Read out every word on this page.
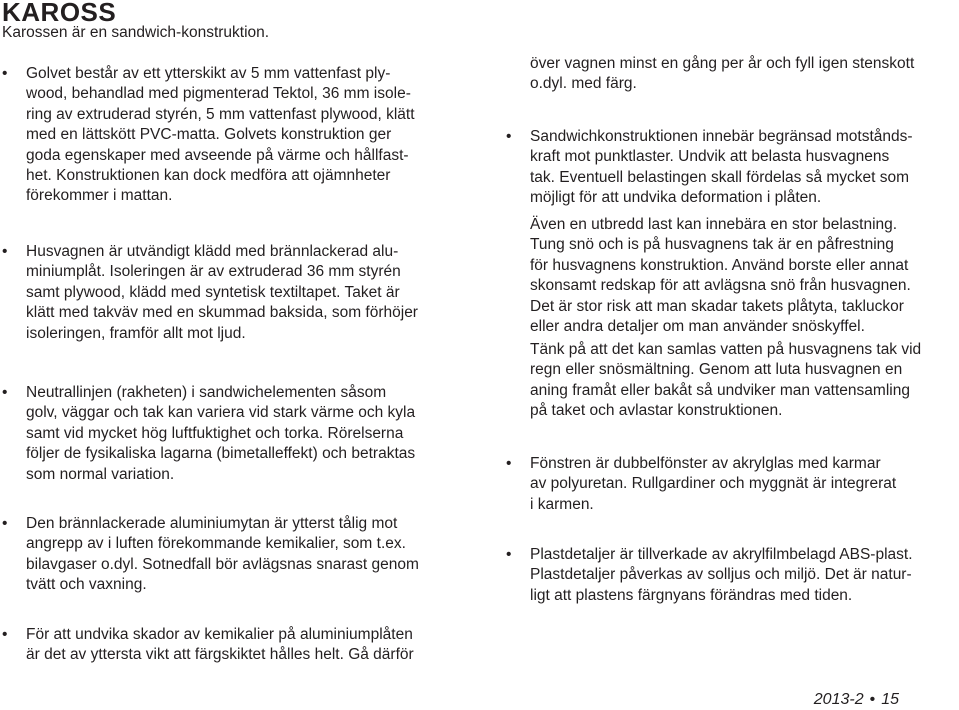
KAROSS

Karossen är en sandwich-konstruktion.

• Golvet består av ett ytterskikt av 5 mm vattenfast ply-
wood, behandlad med pigmenterad Tektol, 36 mm isole-
ring av extruderad styrén, 5 mm vattenfast plywood, klätt
med en lättskött PVC-matta. Golvets konstruktion ger
goda egenskaper med avseende på värme och hållfast-
het. Konstruktionen kan dock medföra att ojämnheter
förekommer i mattan.
• Husvagnen är utvändigt klädd med brännlackerad alu-
miniumplåt. Isoleringen är av extruderad 36 mm styrén
samt plywood, klädd med syntetisk textiltapet. Taket är
klätt med takväv med en skummad baksida, som förhöjer
isoleringen, framför allt mot ljud.
• Neutrallinjen (rakheten) i sandwichelementen såsom
golv, väggar och tak kan variera vid stark värme och kyla
samt vid mycket hög luftfuktighet och torka. Rörelserna
följer de fysikaliska lagarna (bimetalleffekt) och betraktas
som normal variation.
• Den brännlackerade aluminiumytan är ytterst tålig mot
angrepp av i luften förekommande kemikalier, som t.ex.
bilavgaser o.dyl. Sotnedfall bör avlägsnas snarast genom
tvätt och vaxning.
• För att undvika skador av kemikalier på aluminiumplåten
är det av yttersta vikt att färgskiktet hålles helt. Gå därför
över vagnen minst en gång per år och fyll igen stenskott
o.dyl. med färg.
• Sandwichkonstruktionen innebär begränsad motstånds-
kraft mot punktlaster. Undvik att belasta husvagnens
tak. Eventuell belastingen skall fördelas så mycket som
möjligt för att undvika deformation i plåten.
Även en utbredd last kan innebära en stor belastning.
Tung snö och is på husvagnens tak är en påfrestning
för husvagnens konstruktion. Använd borste eller annat
skonsamt redskap för att avlägsna snö från husvagnen.
Det är stor risk att man skadar takets plåtyta, takluckor
eller andra detaljer om man använder snöskyffel.
Tänk på att det kan samlas vatten på husvagnens tak vid
regn eller snösmältning. Genom att luta husvagnen en
aning framåt eller bakåt så undviker man vattensamling
på taket och avlastar konstruktionen.
• Fönstren är dubbelfönster av akrylglas med karmar
av polyuretan. Rullgardiner och myggnät är integrerat
i karmen.
• Plastdetaljer är tillverkade av akrylfilmbelagd ABS-plast.
Plastdetaljer påverkas av solljus och miljö. Det är natur-
ligt att plastens färgnyans förändras med tiden.

2013-2 • 15
